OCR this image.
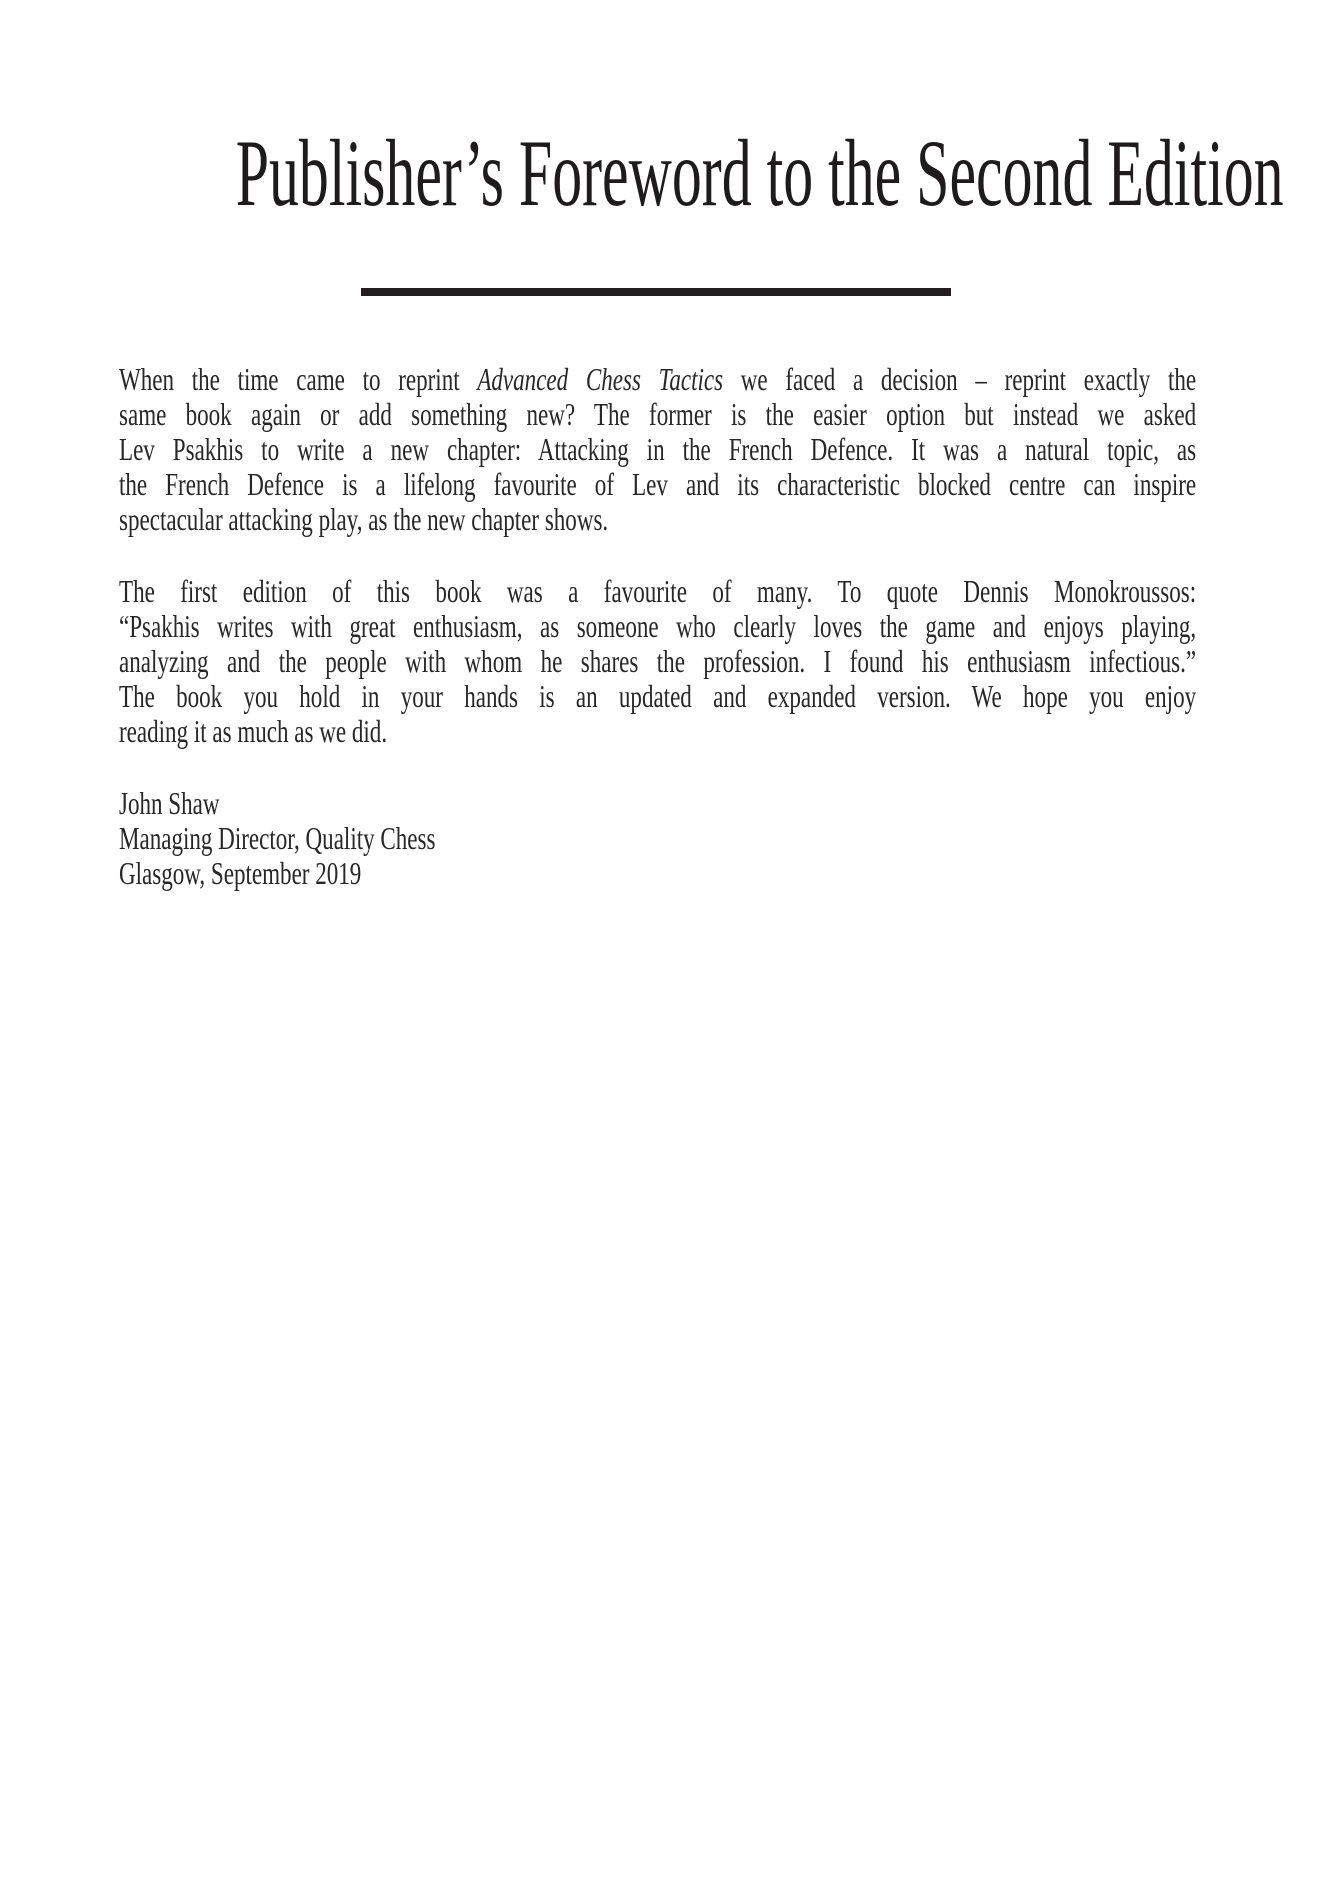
Publisher’s Foreword to the Second Edition
When the time came to reprint Advanced Chess Tactics we faced a decision – reprint exactly the
same book again or add something new? The former is the easier option but instead we asked
Lev Psakhis to write a new chapter: Attacking in the French Defence. It was a natural topic, as
the French Defence is a lifelong favourite of Lev and its characteristic blocked centre can inspire
spectacular attacking play, as the new chapter shows.
The first edition of this book was a favourite of many. To quote Dennis Monokroussos:
“Psakhis writes with great enthusiasm, as someone who clearly loves the game and enjoys playing,
analyzing and the people with whom he shares the profession. I found his enthusiasm infectious.”
The book you hold in your hands is an updated and expanded version. We hope you enjoy
reading it as much as we did.
John Shaw
Managing Director, Quality Chess
Glasgow, September 2019
